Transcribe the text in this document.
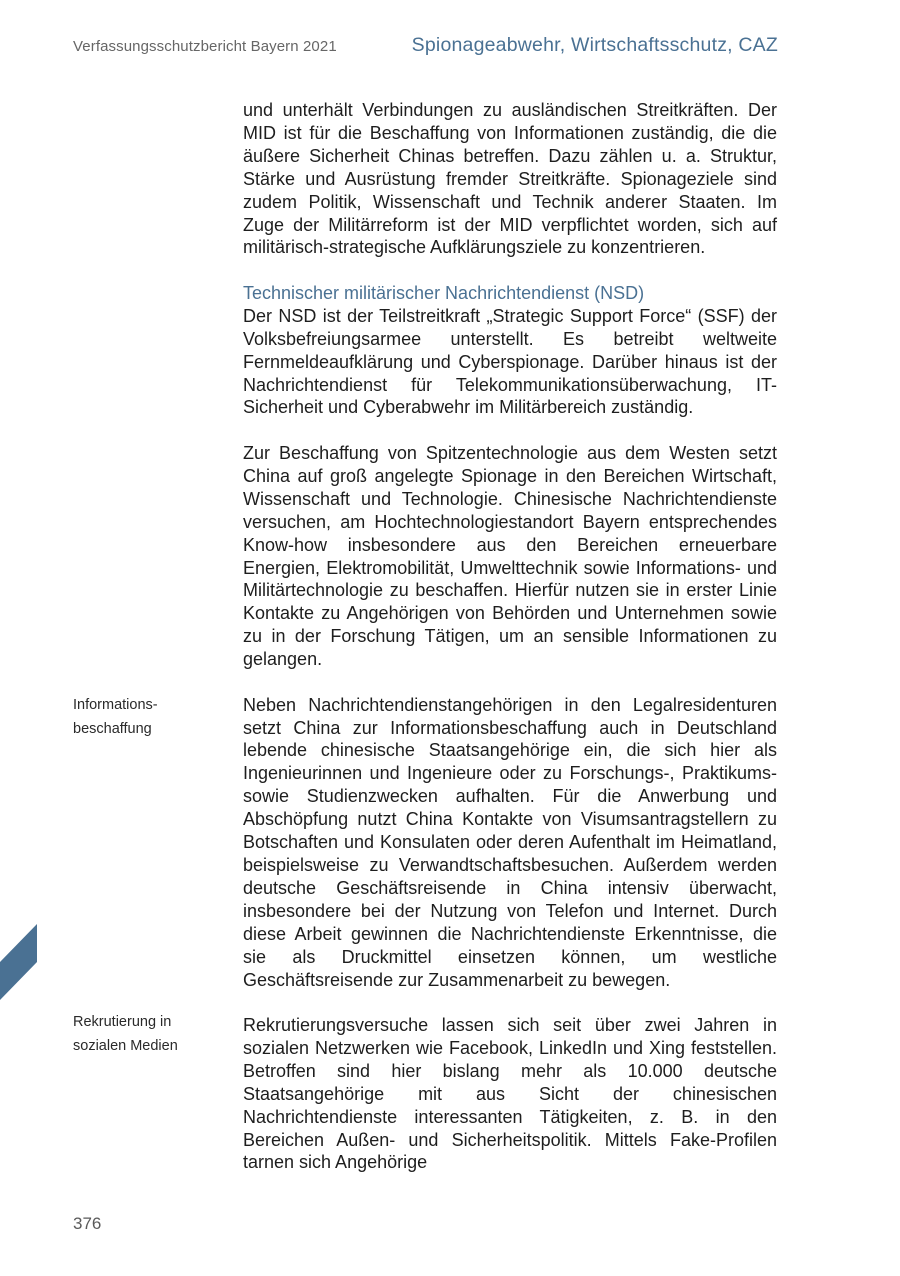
Verfassungsschutzbericht Bayern 2021	Spionageabwehr, Wirtschaftsschutz, CAZ

und unterhält Verbindungen zu ausländischen Streitkräften. Der MID ist für die Beschaffung von Informationen zuständig, die die äußere Sicherheit Chinas betreffen. Dazu zählen u. a. Struktur, Stärke und Ausrüstung fremder Streitkräfte. Spionageziele sind zudem Politik, Wissenschaft und Technik anderer Staaten. Im Zuge der Militärreform ist der MID verpflichtet worden, sich auf militärisch-strategische Aufklärungsziele zu konzentrieren.

Technischer militärischer Nachrichtendienst (NSD)

Der NSD ist der Teilstreitkraft „Strategic Support Force“ (SSF) der Volksbefreiungsarmee unterstellt. Es betreibt weltweite Fernmeldeaufklärung und Cyberspionage. Darüber hinaus ist der Nachrichtendienst für Telekommunikationsüberwachung, IT-Sicherheit und Cyberabwehr im Militärbereich zuständig.

Zur Beschaffung von Spitzentechnologie aus dem Westen setzt China auf groß angelegte Spionage in den Bereichen Wirtschaft, Wissenschaft und Technologie. Chinesische Nachrichtendienste versuchen, am Hochtechnologiestandort Bayern entsprechendes Know-how insbesondere aus den Bereichen erneuerbare Energien, Elektromobilität, Umwelttechnik sowie Informations- und Militärtechnologie zu beschaffen. Hierfür nutzen sie in erster Linie Kontakte zu Angehörigen von Behörden und Unternehmen sowie zu in der Forschung Tätigen, um an sensible Informationen zu gelangen.

Neben Nachrichtendienstangehörigen in den Legalresidenturen setzt China zur Informationsbeschaffung auch in Deutschland lebende chinesische Staatsangehörige ein, die sich hier als Ingenieurinnen und Ingenieure oder zu Forschungs-, Praktikums- sowie Studienzwecken aufhalten. Für die Anwerbung und Abschöpfung nutzt China Kontakte von Visumsantragstellern zu Botschaften und Konsulaten oder deren Aufenthalt im Heimatland, beispielsweise zu Verwandtschaftsbesuchen. Außerdem werden deutsche Geschäftsreisende in China intensiv überwacht, insbesondere bei der Nutzung von Telefon und Internet. Durch diese Arbeit gewinnen die Nachrichtendienste Erkenntnisse, die sie als Druckmittel einsetzen können, um westliche Geschäftsreisende zur Zusammenarbeit zu bewegen.

Rekrutierungsversuche lassen sich seit über zwei Jahren in sozialen Netzwerken wie Facebook, LinkedIn und Xing feststellen. Betroffen sind hier bislang mehr als 10.000 deutsche Staatsangehörige mit aus Sicht der chinesischen Nachrichtendienste interessanten Tätigkeiten, z. B. in den Bereichen Außen- und Sicherheitspolitik. Mittels Fake-Profilen tarnen sich Angehörige

Informations-
beschaffung
Rekrutierung in
sozialen Medien
376
